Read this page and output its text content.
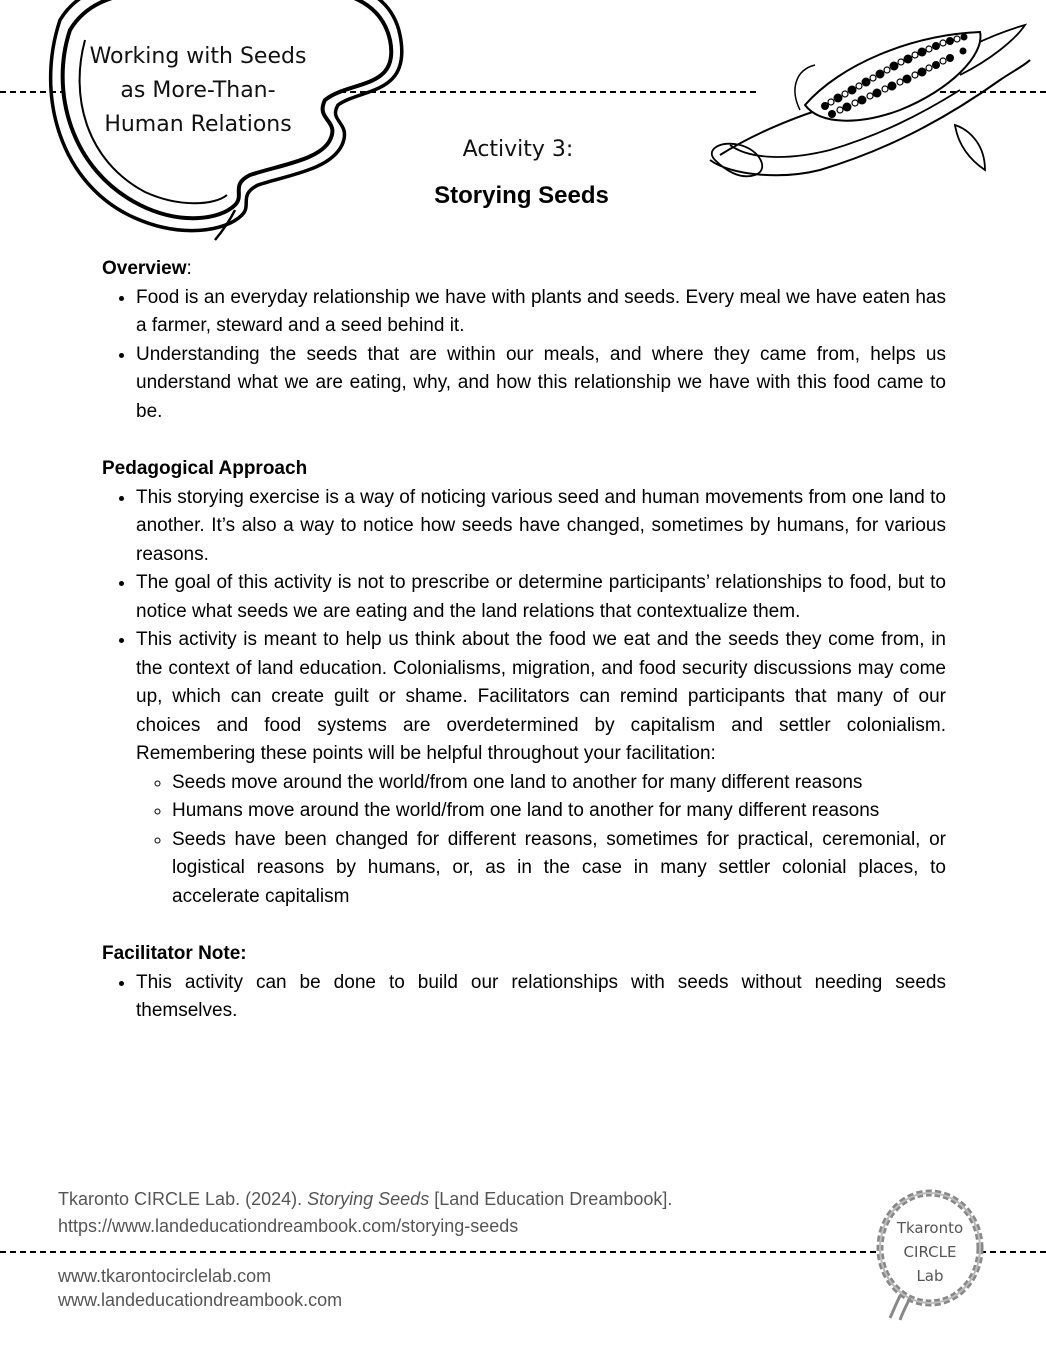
Working with Seeds
as More-Than-
Human Relations
Activity 3:
Storying Seeds

Overview:

• Food is an everyday relationship we have with plants and seeds. Every meal we have eaten has a farmer, steward and a seed behind it.
• Understanding the seeds that are within our meals, and where they came from, helps us understand what we are eating, why, and how this relationship we have with this food came to be.

Pedagogical Approach

• This storying exercise is a way of noticing various seed and human movements from one land to another. It’s also a way to notice how seeds have changed, sometimes by humans, for various reasons.
• The goal of this activity is not to prescribe or determine participants’ relationships to food, but to notice what seeds we are eating and the land relations that contextualize them.
• This activity is meant to help us think about the food we eat and the seeds they come from, in the context of land education. Colonialisms, migration, and food security discussions may come up, which can create guilt or shame. Facilitators can remind participants that many of our choices and food systems are overdetermined by capitalism and settler colonialism. Remembering these points will be helpful throughout your facilitation:
◦ Seeds move around the world/from one land to another for many different reasons
◦ Humans move around the world/from one land to another for many different reasons
◦ Seeds have been changed for different reasons, sometimes for practical, ceremonial, or logistical reasons by humans, or, as in the case in many settler colonial places, to accelerate capitalism

Facilitator Note:

• This activity can be done to build our relationships with seeds without needing seeds themselves.
Tkaronto CIRCLE Lab. (2024). Storying Seeds [Land Education Dreambook].
https://www.landeducationdreambook.com/storying-seeds
www.tkarontocirclelab.com
www.landeducationdreambook.com
Tkaronto
CIRCLE
Lab
